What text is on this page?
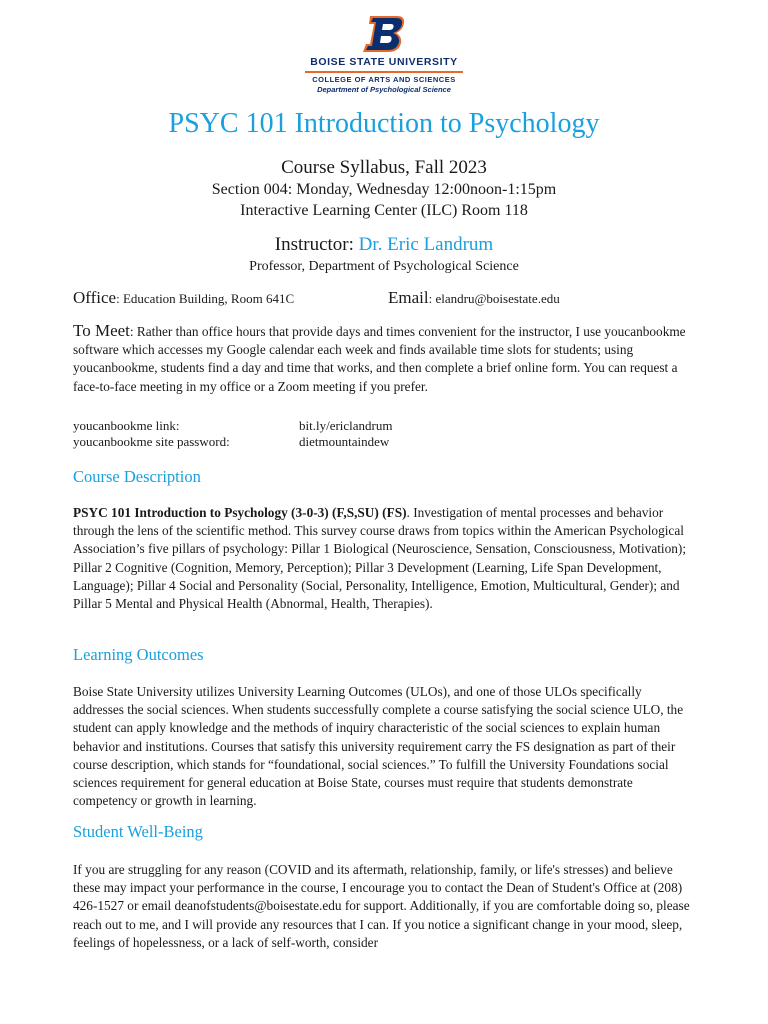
BOISE STATE UNIVERSITY
COLLEGE OF ARTS AND SCIENCES
Department of Psychological Science
PSYC 101 Introduction to Psychology
Course Syllabus, Fall 2023
Section 004: Monday, Wednesday 12:00noon-1:15pm
Interactive Learning Center (ILC) Room 118
Instructor: Dr. Eric Landrum
Professor, Department of Psychological Science
Office: Education Building, Room 641C	Email: elandru@boisestate.edu
To Meet: Rather than office hours that provide days and times convenient for the instructor, I use youcanbookme software which accesses my Google calendar each week and finds available time slots for students; using youcanbookme, students find a day and time that works, and then complete a brief online form. You can request a face-to-face meeting in my office or a Zoom meeting if you prefer.
youcanbookme link:	bit.ly/ericlandrum
youcanbookme site password:	dietmountaindew
Course Description
PSYC 101 Introduction to Psychology (3-0-3) (F,S,SU) (FS). Investigation of mental processes and behavior through the lens of the scientific method. This survey course draws from topics within the American Psychological Association’s five pillars of psychology: Pillar 1 Biological (Neuroscience, Sensation, Consciousness, Motivation); Pillar 2 Cognitive (Cognition, Memory, Perception); Pillar 3 Development (Learning, Life Span Development, Language); Pillar 4 Social and Personality (Social, Personality, Intelligence, Emotion, Multicultural, Gender); and Pillar 5 Mental and Physical Health (Abnormal, Health, Therapies).
Learning Outcomes
Boise State University utilizes University Learning Outcomes (ULOs), and one of those ULOs specifically addresses the social sciences. When students successfully complete a course satisfying the social science ULO, the student can apply knowledge and the methods of inquiry characteristic of the social sciences to explain human behavior and institutions. Courses that satisfy this university requirement carry the FS designation as part of their course description, which stands for “foundational, social sciences.” To fulfill the University Foundations social sciences requirement for general education at Boise State, courses must require that students demonstrate competency or growth in learning.
Student Well-Being
If you are struggling for any reason (COVID and its aftermath, relationship, family, or life's stresses) and believe these may impact your performance in the course, I encourage you to contact the Dean of Student's Office at (208) 426-1527 or email deanofstudents@boisestate.edu for support. Additionally, if you are comfortable doing so, please reach out to me, and I will provide any resources that I can. If you notice a significant change in your mood, sleep, feelings of hopelessness, or a lack of self-worth, consider
